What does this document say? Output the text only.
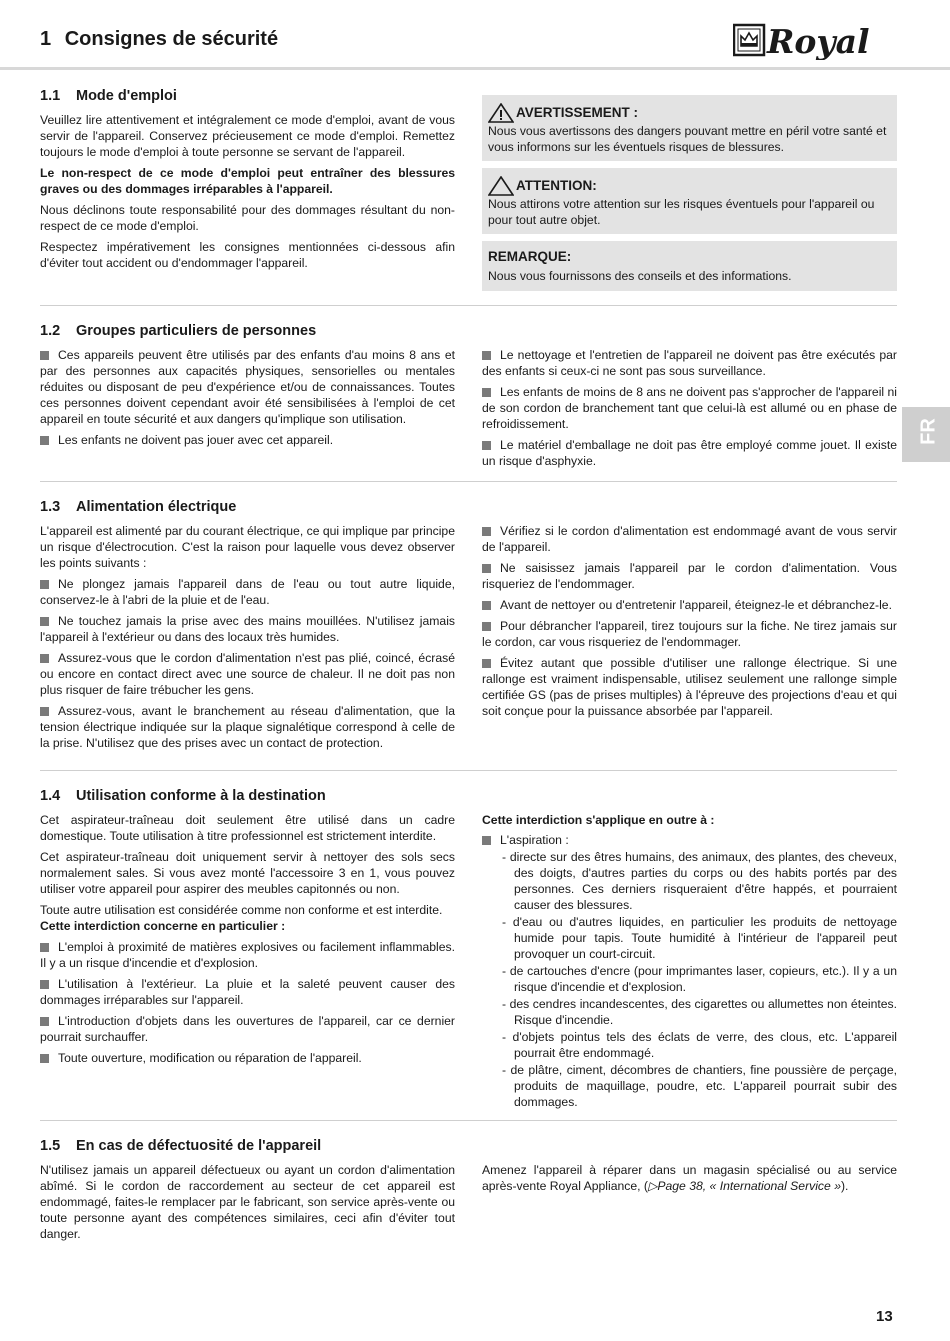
1 Consignes de sécurité	Royal
FR
1.1 Mode d'emploi

Veuillez lire attentivement et intégralement ce mode d'emploi, avant de vous servir de l'appareil. Conservez précieusement ce mode d'emploi. Remettez toujours le mode d'emploi à toute personne se servant de l'appareil.

Le non-respect de ce mode d'emploi peut entraîner des blessures graves ou des dommages irréparables à l'appareil.

Nous déclinons toute responsabilité pour des dommages résultant du non-respect de ce mode d'emploi.

Respectez impérativement les consignes mentionnées ci-dessous afin d'éviter tout accident ou d'endommager l'appareil.

AVERTISSEMENT :
Nous vous avertissons des dangers pouvant mettre en péril votre santé et vous informons sur les éventuels risques de blessures.
ATTENTION:
Nous attirons votre attention sur les risques éventuels pour l'appareil ou pour tout autre objet.
REMARQUE:
Nous vous fournissons des conseils et des informations.
1.2 Groupes particuliers de personnes

Ces appareils peuvent être utilisés par des enfants d'au moins 8 ans et par des personnes aux capacités physiques, sensorielles ou mentales réduites ou disposant de peu d'expérience et/ou de connaissances. Toutes ces personnes doivent cependant avoir été sensibilisées à l'emploi de cet appareil en toute sécurité et aux dangers qu'implique son utilisation.

Les enfants ne doivent pas jouer avec cet appareil.

Le nettoyage et l'entretien de l'appareil ne doivent pas être exécutés par des enfants si ceux-ci ne sont pas sous surveillance.

Les enfants de moins de 8 ans ne doivent pas s'approcher de l'appareil ni de son cordon de branchement tant que celui-là est allumé ou en phase de refroidissement.

Le matériel d'emballage ne doit pas être employé comme jouet. Il existe un risque d'asphyxie.

1.3 Alimentation électrique

L'appareil est alimenté par du courant électrique, ce qui implique par principe un risque d'électrocution. C'est la raison pour laquelle vous devez observer les points suivants :

Ne plongez jamais l'appareil dans de l'eau ou tout autre liquide, conservez-le à l'abri de la pluie et de l'eau.

Ne touchez jamais la prise avec des mains mouillées. N'utilisez jamais l'appareil à l'extérieur ou dans des locaux très humides.

Assurez-vous que le cordon d'alimentation n'est pas plié, coincé, écrasé ou encore en contact direct avec une source de chaleur. Il ne doit pas non plus risquer de faire trébucher les gens.

Assurez-vous, avant le branchement au réseau d'alimentation, que la tension électrique indiquée sur la plaque signalétique correspond à celle de la prise. N'utilisez que des prises avec un contact de protection.

Vérifiez si le cordon d'alimentation est endommagé avant de vous servir de l'appareil.

Ne saisissez jamais l'appareil par le cordon d'alimentation. Vous risqueriez de l'endommager.

Avant de nettoyer ou d'entretenir l'appareil, éteignez-le et débranchez-le.

Pour débrancher l'appareil, tirez toujours sur la fiche. Ne tirez jamais sur le cordon, car vous risqueriez de l'endommager.

Évitez autant que possible d'utiliser une rallonge électrique. Si une rallonge est vraiment indispensable, utilisez seulement une rallonge simple certifiée GS (pas de prises multiples) à l'épreuve des projections d'eau et qui soit conçue pour la puissance absorbée par l'appareil.

1.4 Utilisation conforme à la destination

Cet aspirateur-traîneau doit seulement être utilisé dans un cadre domestique. Toute utilisation à titre professionnel est strictement interdite.

Cet aspirateur-traîneau doit uniquement servir à nettoyer des sols secs normalement sales. Si vous avez monté l'accessoire 3 en 1, vous pouvez utiliser votre appareil pour aspirer des meubles capitonnés ou non.

Toute autre utilisation est considérée comme non conforme et est interdite.

Cette interdiction concerne en particulier :

L'emploi à proximité de matières explosives ou facilement inflammables. Il y a un risque d'incendie et d'explosion.

L'utilisation à l'extérieur. La pluie et la saleté peuvent causer des dommages irréparables sur l'appareil.

L'introduction d'objets dans les ouvertures de l'appareil, car ce dernier pourrait surchauffer.

Toute ouverture, modification ou réparation de l'appareil.

Cette interdiction s'applique en outre à :

L'aspiration :

- directe sur des êtres humains, des animaux, des plantes, des cheveux, des doigts, d'autres parties du corps ou des habits portés par des personnes. Ces derniers risqueraient d'être happés, et pourraient causer des blessures.

- d'eau ou d'autres liquides, en particulier les produits de nettoyage humide pour tapis. Toute humidité à l'intérieur de l'appareil peut provoquer un court-circuit.

- de cartouches d'encre (pour imprimantes laser, copieurs, etc.). Il y a un risque d'incendie et d'explosion.

- des cendres incandescentes, des cigarettes ou allumettes non éteintes. Risque d'incendie.

- d'objets pointus tels des éclats de verre, des clous, etc. L'appareil pourrait être endommagé.

- de plâtre, ciment, décombres de chantiers, fine poussière de perçage, produits de maquillage, poudre, etc. L'appareil pourrait subir des dommages.

1.5 En cas de défectuosité de l'appareil

N'utilisez jamais un appareil défectueux ou ayant un cordon d'alimentation abîmé. Si le cordon de raccordement au secteur de cet appareil est endommagé, faites-le remplacer par le fabricant, son service après-vente ou toute personne ayant des compétences similaires, ceci afin d'éviter tout danger.

Amenez l'appareil à réparer dans un magasin spécialisé ou au service après-vente Royal Appliance, (▷Page 38, « International Service »).

13
